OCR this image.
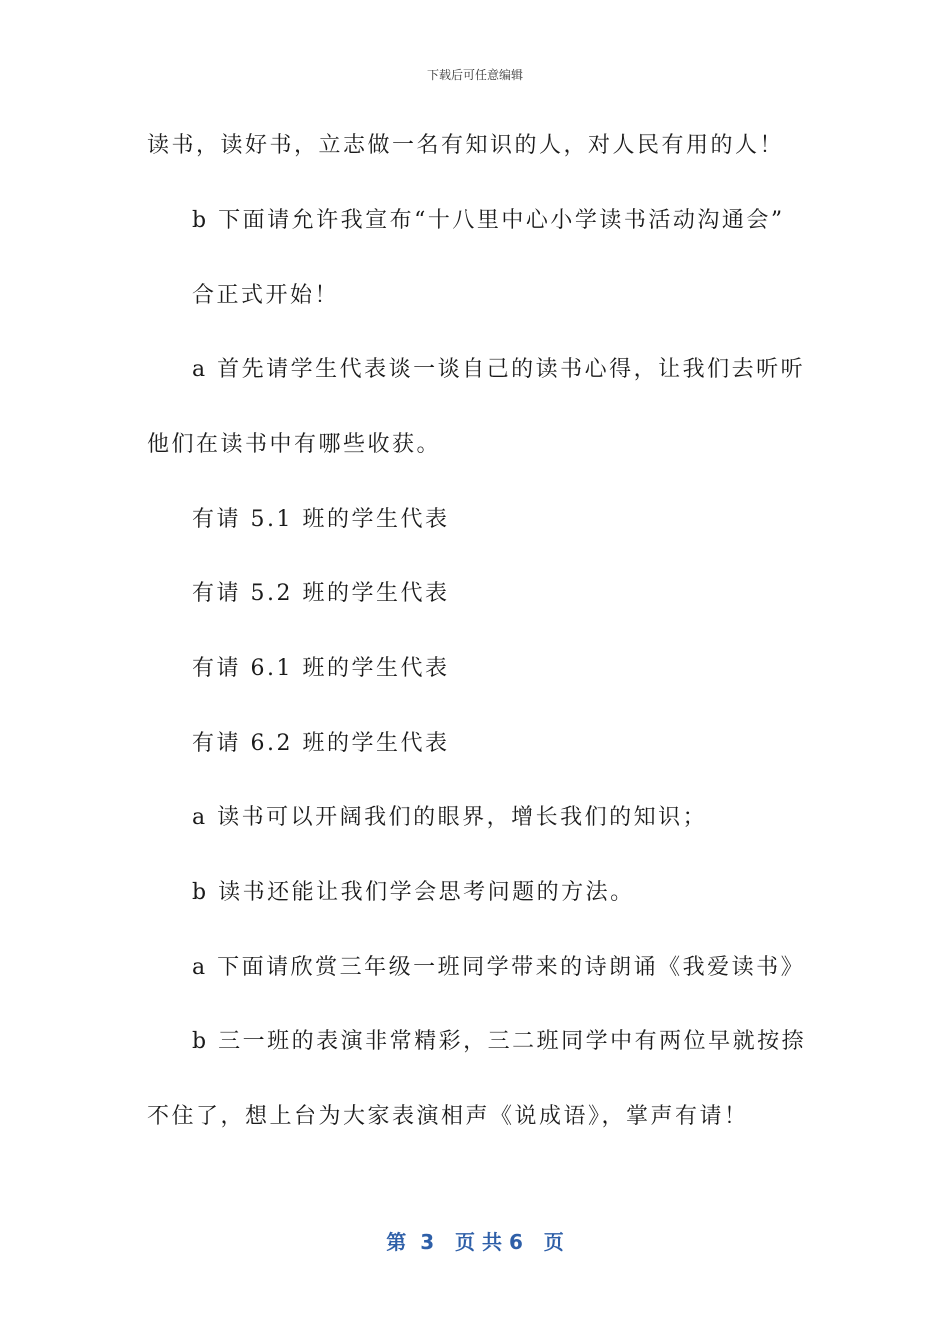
下载后可任意编辑
读书，读好书，立志做一名有知识的人，对人民有用的人！
b 下面请允许我宣布“十八里中心小学读书活动沟通会”
合正式开始！
a 首先请学生代表谈一谈自己的读书心得，让我们去听听
他们在读书中有哪些收获。
有请 5.1 班的学生代表
有请 5.2 班的学生代表
有请 6.1 班的学生代表
有请 6.2 班的学生代表
a 读书可以开阔我们的眼界，增长我们的知识；
b 读书还能让我们学会思考问题的方法。
a 下面请欣赏三年级一班同学带来的诗朗诵《我爱读书》
b 三一班的表演非常精彩，三二班同学中有两位早就按捺
不住了，想上台为大家表演相声《说成语》，掌声有请！
第 3 页 共 6 页
